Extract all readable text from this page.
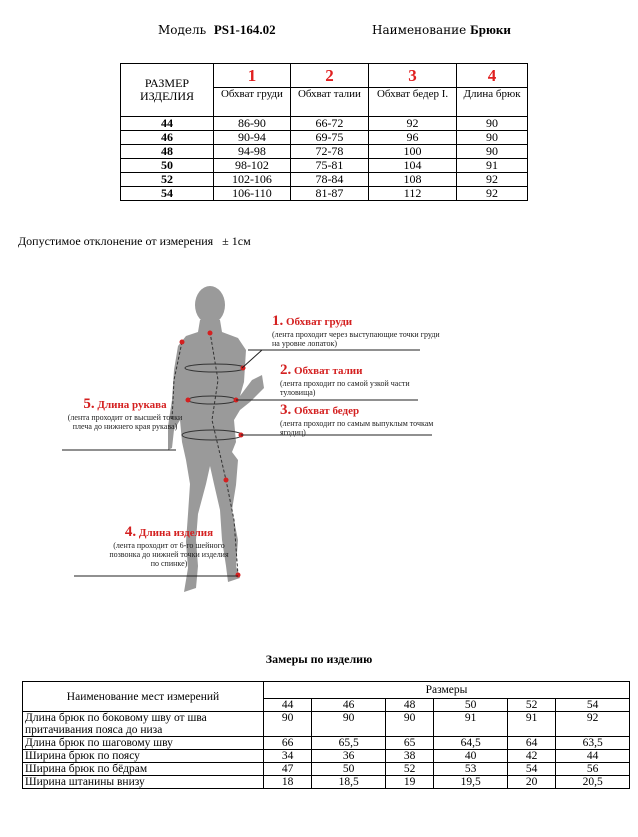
Модель PS1-164.02	Наименование Брюки
РАЗМЕР ИЗДЕЛИЯ	1	2	3	4
	Обхват груди	Обхват талии	Обхват бедер I.	Длина брюк
44	86-90	66-72	92	90
46	90-94	69-75	96	90
48	94-98	72-78	100	90
50	98-102	75-81	104	91
52	102-106	78-84	108	92
54	106-110	81-87	112	92
Допустимое отклонение от измерения   ± 1см
1. Обхват груди
(лента проходит через выступающие точки груди на уровне лопаток)
2. Обхват талии
(лента проходит по самой узкой части туловища)
3. Обхват бедер
(лента проходит по самым выпуклым точкам ягодиц)
5. Длина рукава
(лента проходит от высшей точки плеча до нижнего края рукава)
4. Длина изделия
(лента проходит от 6-го шейного позвонка до нижней точки изделия по спинке)
Замеры по изделию
Наименование мест измерений	Размеры					
	44	46	48	50	52	54
Длина брюк по боковому шву от шва притачивания пояса до низа	90	90	90	91	91	92
Длина брюк по шаговому шву	66	65,5	65	64,5	64	63,5
Ширина брюк по поясу	34	36	38	40	42	44
Ширина брюк по бёдрам	47	50	52	53	54	56
Ширина штанины внизу	18	18,5	19	19,5	20	20,5
